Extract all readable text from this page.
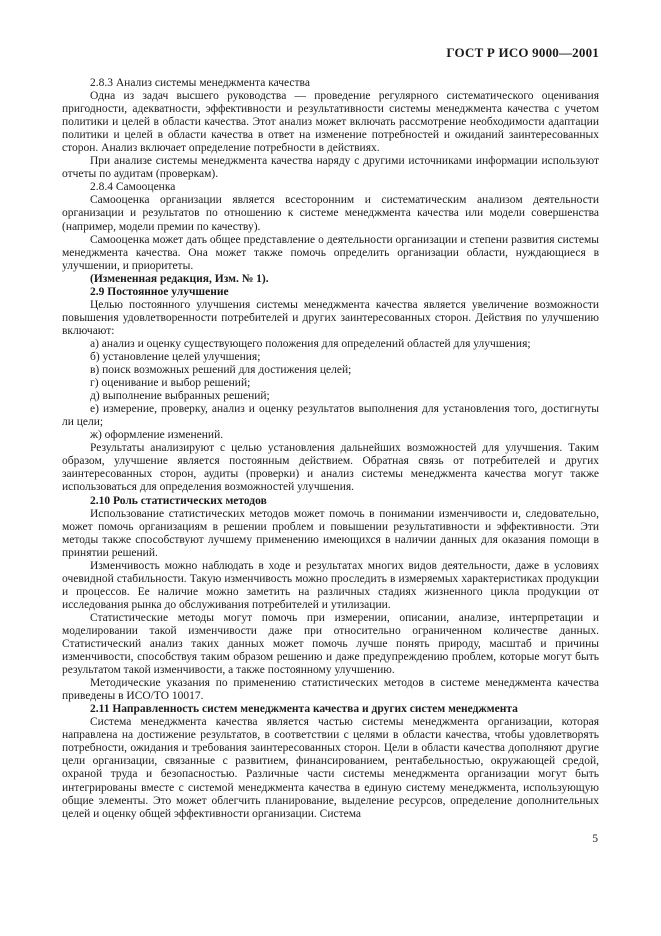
ГОСТ Р ИСО 9000—2001

2.8.3 Анализ системы менеджмента качества

Одна из задач высшего руководства — проведение регулярного систематического оценивания пригодности, адекватности, эффективности и результативности системы менеджмента качества с учетом политики и целей в области качества. Этот анализ может включать рассмотрение необходимости адаптации политики и целей в области качества в ответ на изменение потребностей и ожиданий заинтересованных сторон. Анализ включает определение потребности в действиях.

При анализе системы менеджмента качества наряду с другими источниками информации используют отчеты по аудитам (проверкам).

2.8.4 Самооценка

Самооценка организации является всесторонним и систематическим анализом деятельности организации и результатов по отношению к системе менеджмента качества или модели совершенства (например, модели премии по качеству).

Самооценка может дать общее представление о деятельности организации и степени развития системы менеджмента качества. Она может также помочь определить организации области, нуждающиеся в улучшении, и приоритеты.

(Измененная редакция, Изм. № 1).

2.9 Постоянное улучшение

Целью постоянного улучшения системы менеджмента качества является увеличение возможности повышения удовлетворенности потребителей и других заинтересованных сторон. Действия по улучшению включают:

а) анализ и оценку существующего положения для определений областей для улучшения;

б) установление целей улучшения;

в) поиск возможных решений для достижения целей;

г) оценивание и выбор решений;

д) выполнение выбранных решений;

е) измерение, проверку, анализ и оценку результатов выполнения для установления того, достигнуты ли цели;

ж) оформление изменений.

Результаты анализируют с целью установления дальнейших возможностей для улучшения. Таким образом, улучшение является постоянным действием. Обратная связь от потребителей и других заинтересованных сторон, аудиты (проверки) и анализ системы менеджмента качества могут также использоваться для определения возможностей улучшения.

2.10 Роль статистических методов

Использование статистических методов может помочь в понимании изменчивости и, следовательно, может помочь организациям в решении проблем и повышении результативности и эффективности. Эти методы также способствуют лучшему применению имеющихся в наличии данных для оказания помощи в принятии решений.

Изменчивость можно наблюдать в ходе и результатах многих видов деятельности, даже в условиях очевидной стабильности. Такую изменчивость можно проследить в измеряемых характеристиках продукции и процессов. Ее наличие можно заметить на различных стадиях жизненного цикла продукции от исследования рынка до обслуживания потребителей и утилизации.

Статистические методы могут помочь при измерении, описании, анализе, интерпретации и моделировании такой изменчивости даже при относительно ограниченном количестве данных. Статистический анализ таких данных может помочь лучше понять природу, масштаб и причины изменчивости, способствуя таким образом решению и даже предупреждению проблем, которые могут быть результатом такой изменчивости, а также постоянному улучшению.

Методические указания по применению статистических методов в системе менеджмента качества приведены в ИСО/ТО 10017.

2.11 Направленность систем менеджмента качества и других систем менеджмента

Система менеджмента качества является частью системы менеджмента организации, которая направлена на достижение результатов, в соответствии с целями в области качества, чтобы удовлетворять потребности, ожидания и требования заинтересованных сторон. Цели в области качества дополняют другие цели организации, связанные с развитием, финансированием, рентабельностью, окружающей средой, охраной труда и безопасностью. Различные части системы менеджмента организации могут быть интегрированы вместе с системой менеджмента качества в единую систему менеджмента, использующую общие элементы. Это может облегчить планирование, выделение ресурсов, определение дополнительных целей и оценку общей эффективности организации. Система

5
